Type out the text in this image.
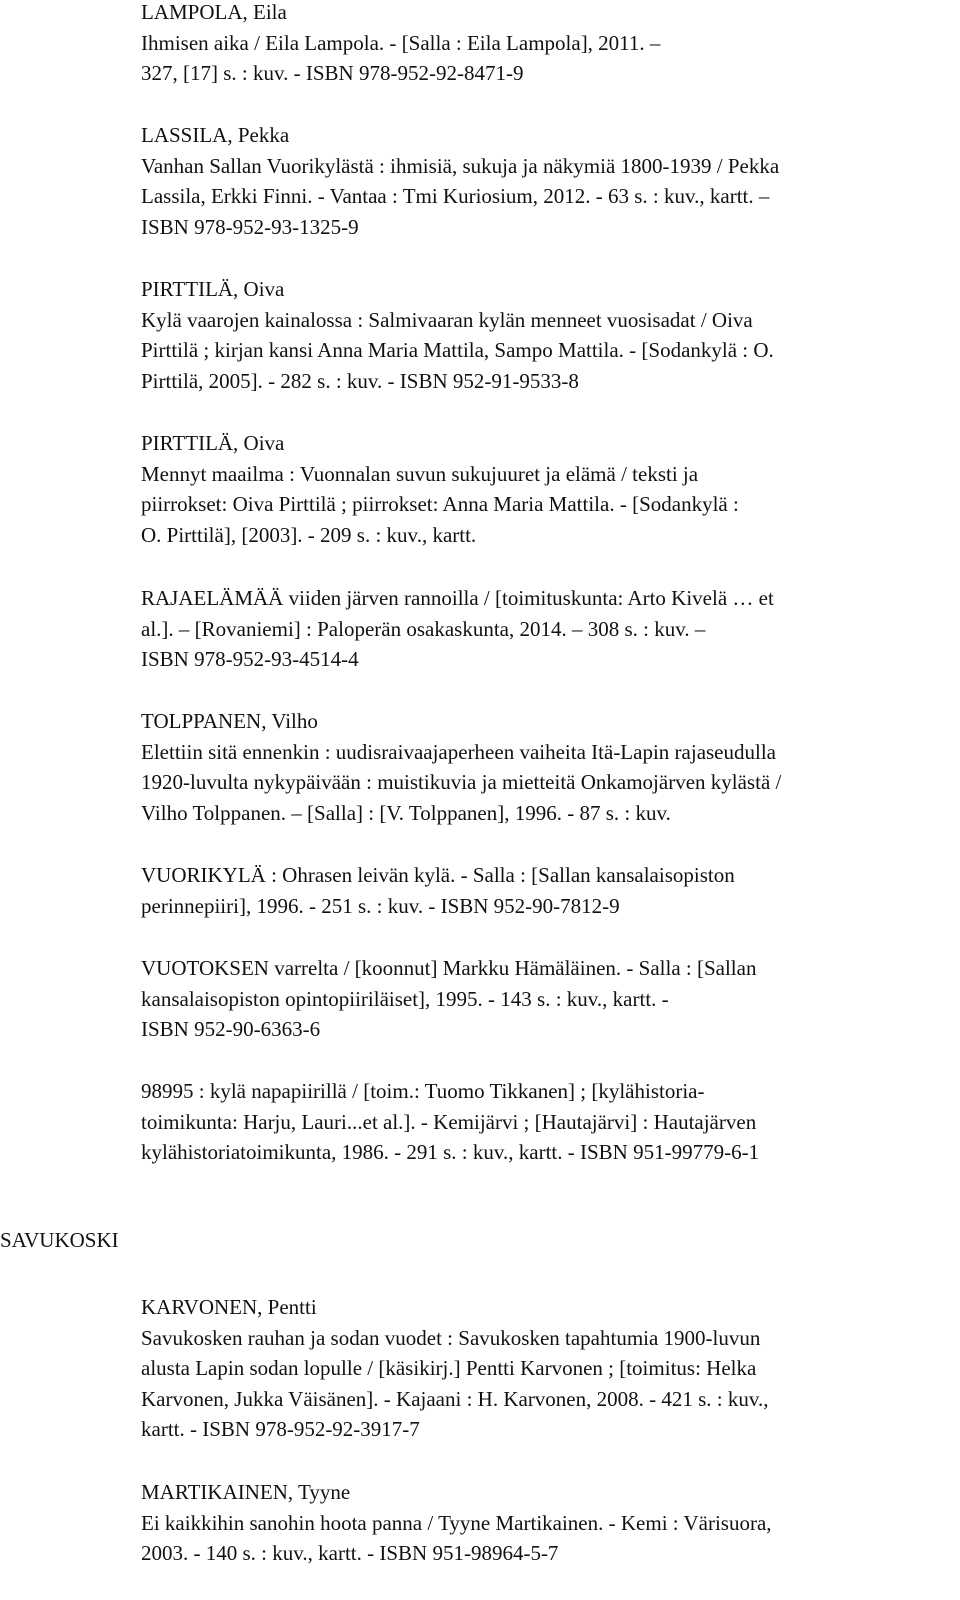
LAMPOLA, Eila
Ihmisen aika / Eila Lampola. - [Salla : Eila Lampola], 2011. –
327, [17] s. : kuv. - ISBN 978-952-92-8471-9
LASSILA, Pekka
Vanhan Sallan Vuorikylästä : ihmisiä, sukuja ja näkymiä 1800-1939 / Pekka
Lassila, Erkki Finni. - Vantaa : Tmi Kuriosium, 2012. - 63 s. : kuv., kartt. –
ISBN 978-952-93-1325-9
PIRTTILÄ, Oiva
Kylä vaarojen kainalossa : Salmivaaran kylän menneet vuosisadat / Oiva
Pirttilä ; kirjan kansi Anna Maria Mattila, Sampo Mattila. - [Sodankylä : O.
Pirttilä, 2005]. - 282 s. : kuv. - ISBN 952-91-9533-8
PIRTTILÄ, Oiva
Mennyt maailma : Vuonnalan suvun sukujuuret ja elämä / teksti ja
piirrokset: Oiva Pirttilä ; piirrokset: Anna Maria Mattila. - [Sodankylä :
O. Pirttilä], [2003]. - 209 s. : kuv., kartt.
RAJAELÄMÄÄ viiden järven rannoilla / [toimituskunta: Arto Kivelä … et
al.]. – [Rovaniemi] : Paloperän osakaskunta, 2014. – 308 s. : kuv. –
ISBN 978-952-93-4514-4
TOLPPANEN, Vilho
Elettiin sitä ennenkin : uudisraivaajaperheen vaiheita Itä-Lapin rajaseudulla
1920-luvulta nykypäivään : muistikuvia ja mietteitä Onkamojärven kylästä /
Vilho Tolppanen. – [Salla] : [V. Tolppanen], 1996. - 87 s. : kuv.
VUORIKYLÄ : Ohrasen leivän kylä. - Salla : [Sallan kansalaisopiston
perinnepiiri], 1996. - 251 s. : kuv. - ISBN 952-90-7812-9
VUOTOKSEN varrelta / [koonnut] Markku Hämäläinen. - Salla : [Sallan
kansalaisopiston opintopiiriläiset], 1995. - 143 s. : kuv., kartt. -
ISBN 952-90-6363-6
98995 : kylä napapiirillä / [toim.: Tuomo Tikkanen] ; [kylähistoria-
toimikunta: Harju, Lauri...et al.]. - Kemijärvi ; [Hautajärvi] : Hautajärven
kylähistoriatoimikunta, 1986. - 291 s. : kuv., kartt. - ISBN 951-99779-6-1
SAVUKOSKI
KARVONEN, Pentti
Savukosken rauhan ja sodan vuodet : Savukosken tapahtumia 1900-luvun
alusta Lapin sodan lopulle / [käsikirj.] Pentti Karvonen ; [toimitus: Helka
Karvonen, Jukka Väisänen]. - Kajaani : H. Karvonen, 2008. - 421 s. : kuv.,
kartt. - ISBN 978-952-92-3917-7
MARTIKAINEN, Tyyne
Ei kaikkihin sanohin hoota panna / Tyyne Martikainen. - Kemi : Värisuora,
2003. - 140 s. : kuv., kartt. - ISBN 951-98964-5-7
